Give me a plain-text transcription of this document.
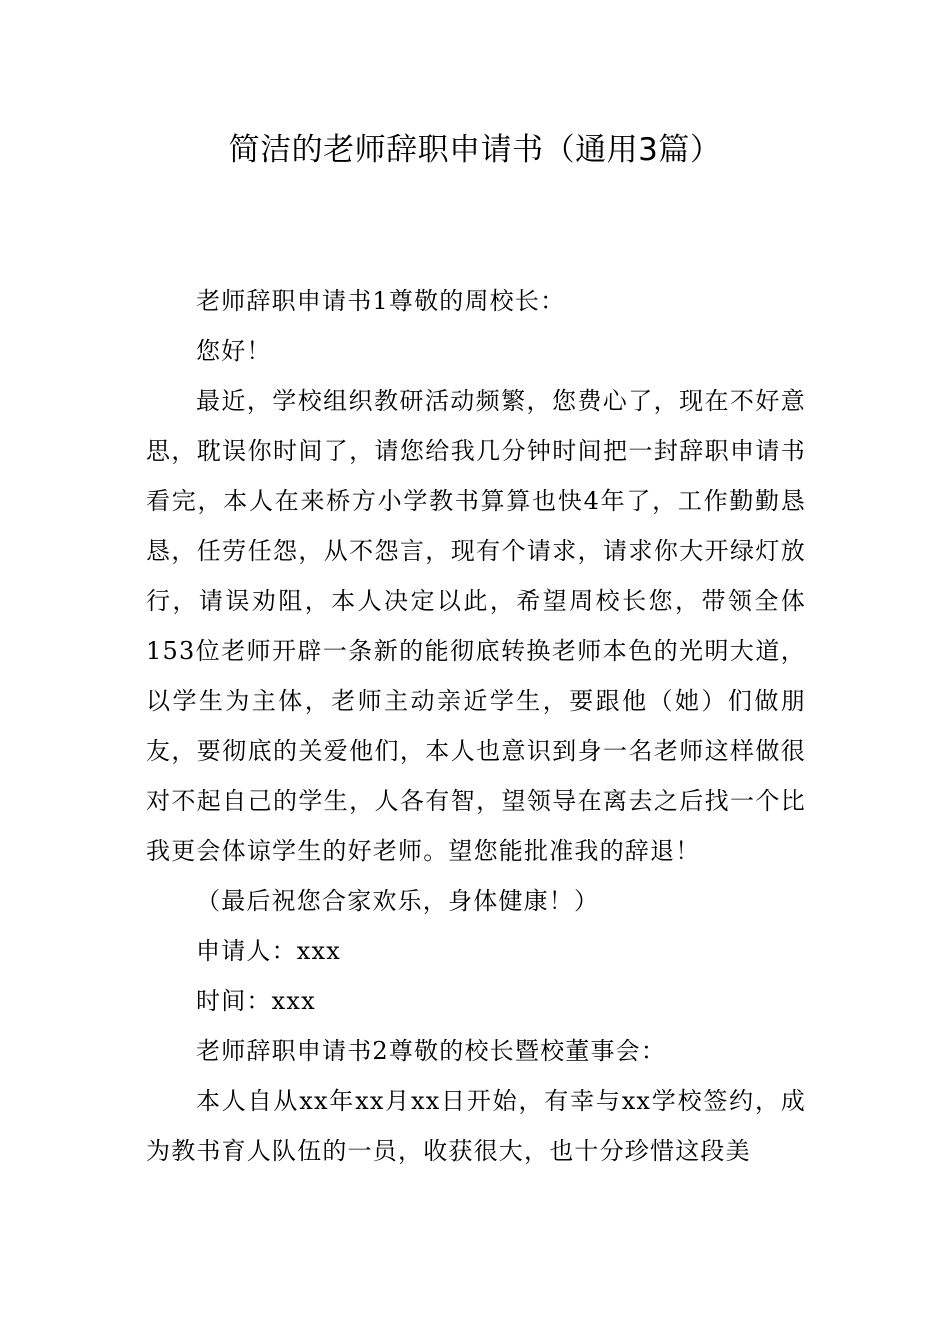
简洁的老师辞职申请书（通用3篇）

老师辞职申请书1尊敬的周校长：

您好！

最近，学校组织教研活动频繁，您费心了，现在不好意思，耽误你时间了，请您给我几分钟时间把一封辞职申请书看完，本人在来桥方小学教书算算也快4年了，工作勤勤恳恳，任劳任怨，从不怨言，现有个请求，请求你大开绿灯放行，请误劝阻，本人决定以此，希望周校长您，带领全体153位老师开辟一条新的能彻底转换老师本色的光明大道，以学生为主体，老师主动亲近学生，要跟他（她）们做朋友，要彻底的关爱他们，本人也意识到身一名老师这样做很对不起自己的学生，人各有智，望领导在离去之后找一个比我更会体谅学生的好老师。望您能批准我的辞退！

（最后祝您合家欢乐，身体健康！）

申请人：xxx

时间：xxx

老师辞职申请书2尊敬的校长暨校董事会：

本人自从xx年xx月xx日开始，有幸与xx学校签约，成为教书育人队伍的一员，收获很大，也十分珍惜这段美
